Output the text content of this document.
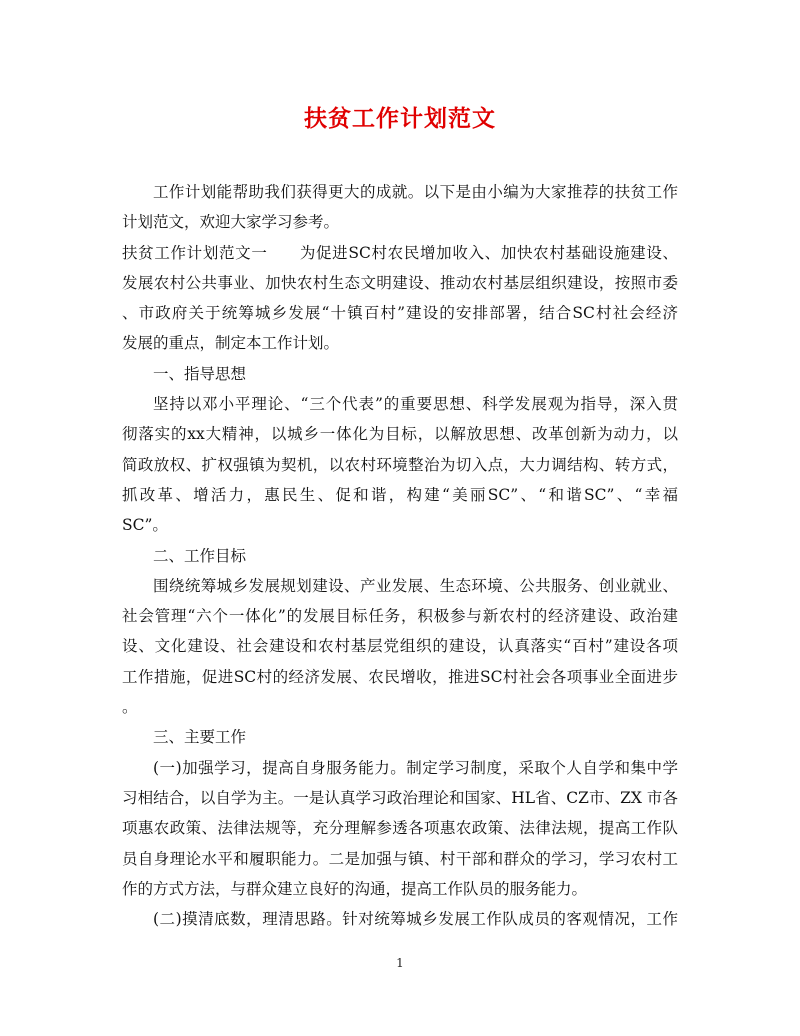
扶贫工作计划范文
工作计划能帮助我们获得更大的成就。以下是由小编为大家推荐的扶贫工作
计划范文，欢迎大家学习参考。
扶贫工作计划范文一　　为促进SC村农民增加收入、加快农村基础设施建设、
发展农村公共事业、加快农村生态文明建设、推动农村基层组织建设，按照市委
、市政府关于统筹城乡发展“十镇百村”建设的安排部署，结合SC村社会经济
发展的重点，制定本工作计划。
一、指导思想
坚持以邓小平理论、“三个代表”的重要思想、科学发展观为指导，深入贯
彻落实的xx大精神，以城乡一体化为目标，以解放思想、改革创新为动力，以
简政放权、扩权强镇为契机，以农村环境整治为切入点，大力调结构、转方式，
抓改革、增活力，惠民生、促和谐，构建“美丽SC”、“和谐SC”、“幸福
SC”。
二、工作目标
围绕统筹城乡发展规划建设、产业发展、生态环境、公共服务、创业就业、
社会管理“六个一体化”的发展目标任务，积极参与新农村的经济建设、政治建
设、文化建设、社会建设和农村基层党组织的建设，认真落实“百村”建设各项
工作措施，促进SC村的经济发展、农民增收，推进SC村社会各项事业全面进步
。
三、主要工作
(一)加强学习，提高自身服务能力。制定学习制度，采取个人自学和集中学
习相结合，以自学为主。一是认真学习政治理论和国家、HL省、CZ市、ZX 市各
项惠农政策、法律法规等，充分理解参透各项惠农政策、法律法规，提高工作队
员自身理论水平和履职能力。二是加强与镇、村干部和群众的学习，学习农村工
作的方式方法，与群众建立良好的沟通，提高工作队员的服务能力。
(二)摸清底数，理清思路。针对统筹城乡发展工作队成员的客观情况，工作
1
